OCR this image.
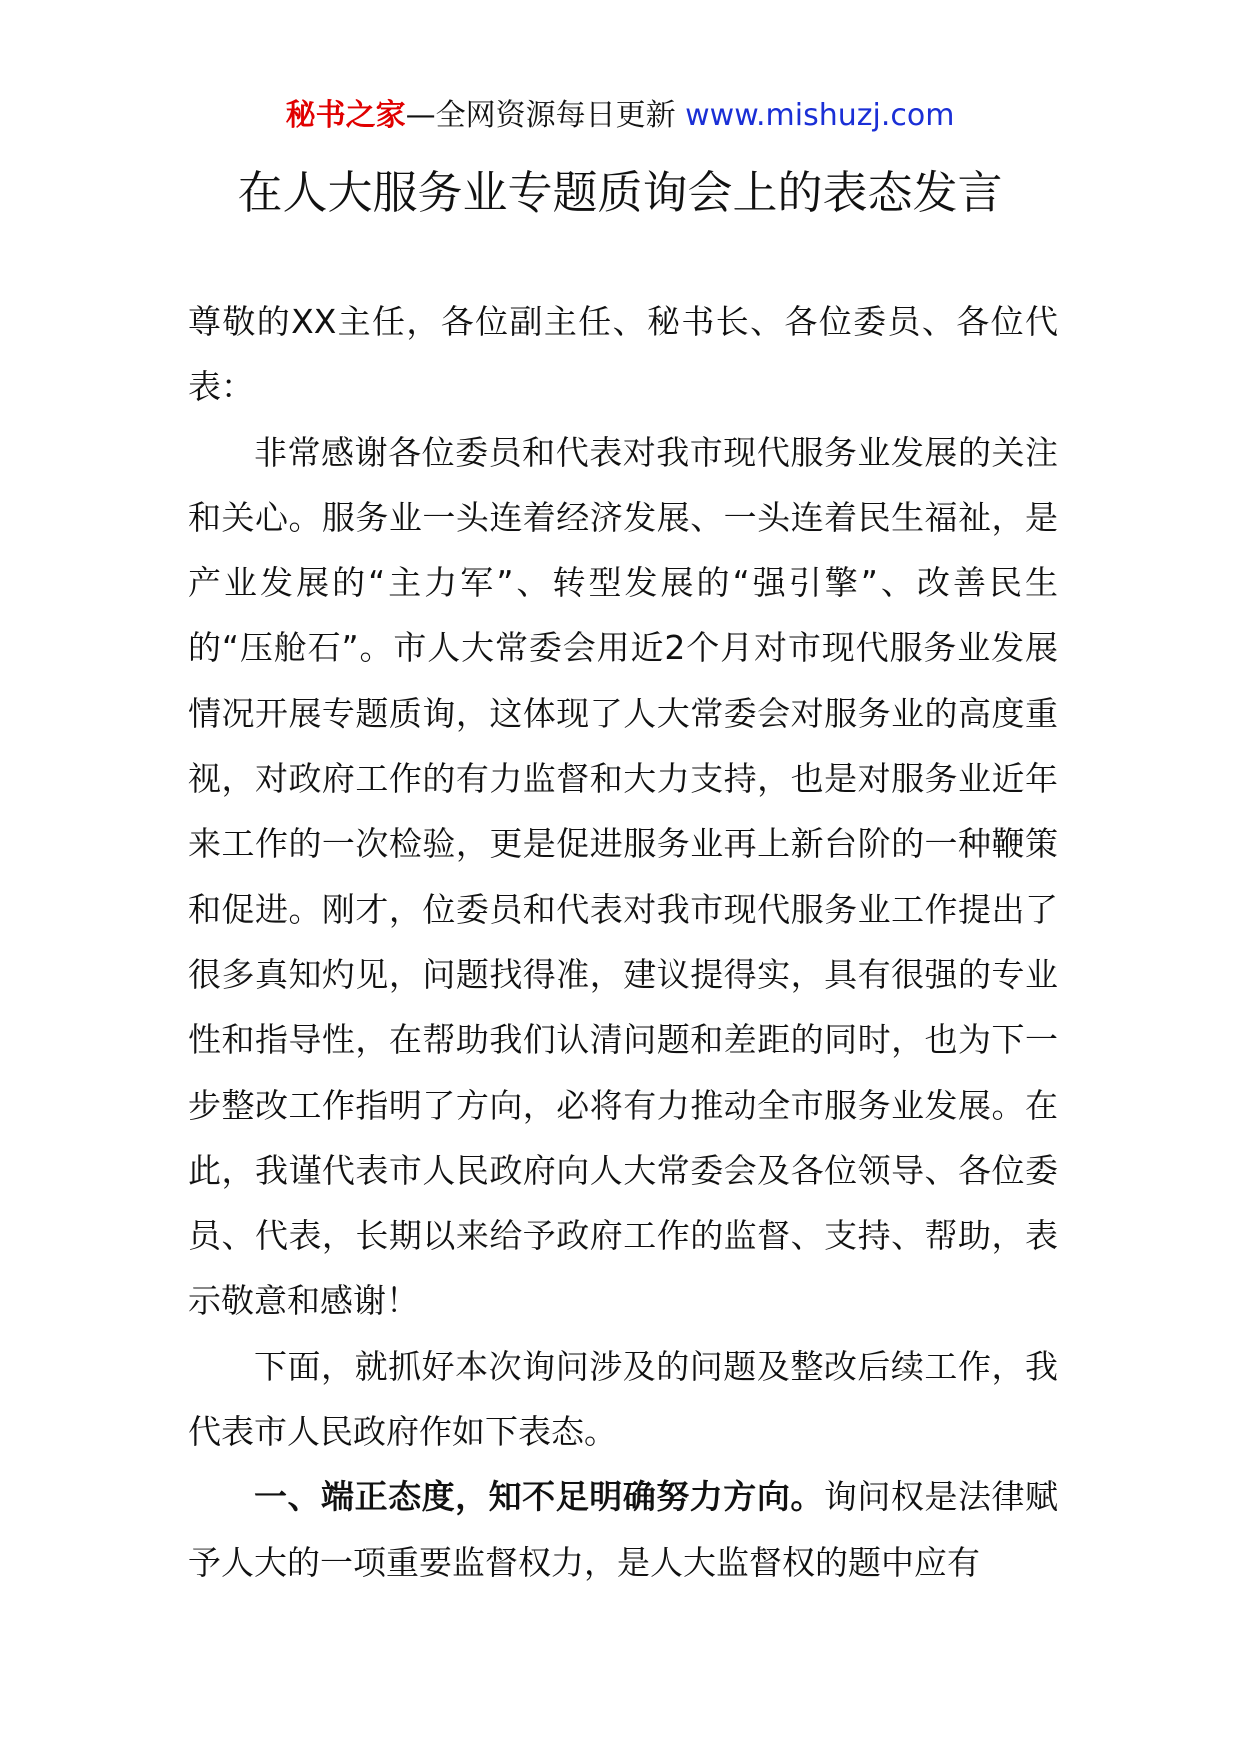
秘书之家—全网资源每日更新 www.mishuzj.com
在人大服务业专题质询会上的表态发言

尊敬的XX主任，各位副主任、秘书长、各位委员、各位代表：

非常感谢各位委员和代表对我市现代服务业发展的关注和关心。服务业一头连着经济发展、一头连着民生福祉，是产业发展的“主力军”、转型发展的“强引擎”、改善民生的“压舱石”。市人大常委会用近2个月对市现代服务业发展情况开展专题质询，这体现了人大常委会对服务业的高度重视，对政府工作的有力监督和大力支持，也是对服务业近年来工作的一次检验，更是促进服务业再上新台阶的一种鞭策和促进。刚才，位委员和代表对我市现代服务业工作提出了很多真知灼见，问题找得准，建议提得实，具有很强的专业性和指导性，在帮助我们认清问题和差距的同时，也为下一步整改工作指明了方向，必将有力推动全市服务业发展。在此，我谨代表市人民政府向人大常委会及各位领导、各位委员、代表，长期以来给予政府工作的监督、支持、帮助，表示敬意和感谢！

下面，就抓好本次询问涉及的问题及整改后续工作，我代表市人民政府作如下表态。

一、端正态度，知不足明确努力方向。询问权是法律赋予人大的一项重要监督权力，是人大监督权的题中应有
